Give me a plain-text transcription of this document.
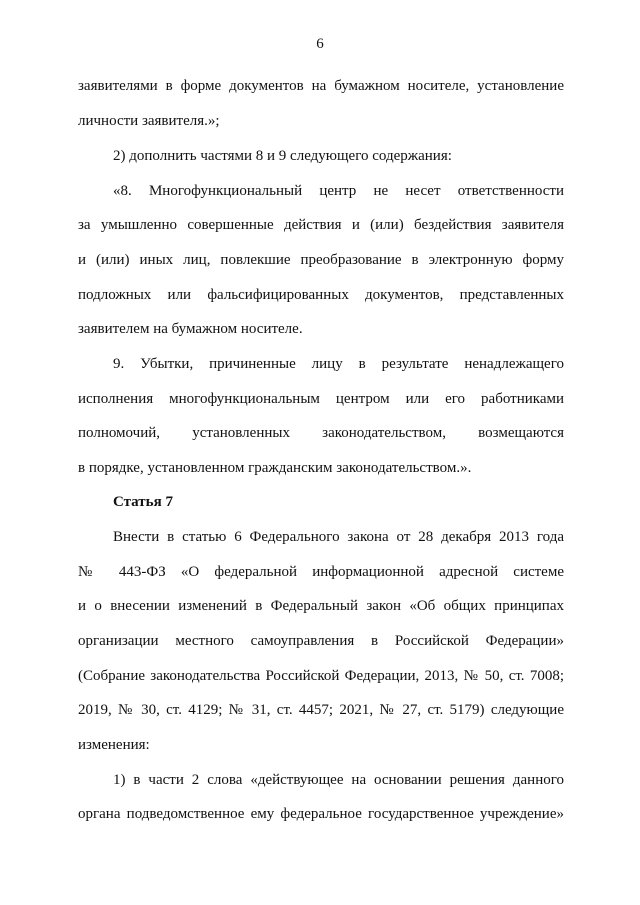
6
заявителями в форме документов на бумажном носителе, установление
личности заявителя.»;
2) дополнить частями 8 и 9 следующего содержания:
«8. Многофункциональный центр не несет ответственности
за умышленно совершенные действия и (или) бездействия заявителя
и (или) иных лиц, повлекшие преобразование в электронную форму
подложных или фальсифицированных документов, представленных
заявителем на бумажном носителе.
9. Убытки, причиненные лицу в результате ненадлежащего
исполнения многофункциональным центром или его работниками
полномочий, установленных законодательством, возмещаются
в порядке, установленном гражданским законодательством.».
Статья 7
Внести в статью 6 Федерального закона от 28 декабря 2013 года
№ 443-ФЗ «О федеральной информационной адресной системе
и о внесении изменений в Федеральный закон «Об общих принципах
организации местного самоуправления в Российской Федерации»
(Собрание законодательства Российской Федерации, 2013, № 50, ст. 7008;
2019, № 30, ст. 4129; № 31, ст. 4457; 2021, № 27, ст. 5179) следующие
изменения:
1) в части 2 слова «действующее на основании решения данного
органа подведомственное ему федеральное государственное учреждение»
